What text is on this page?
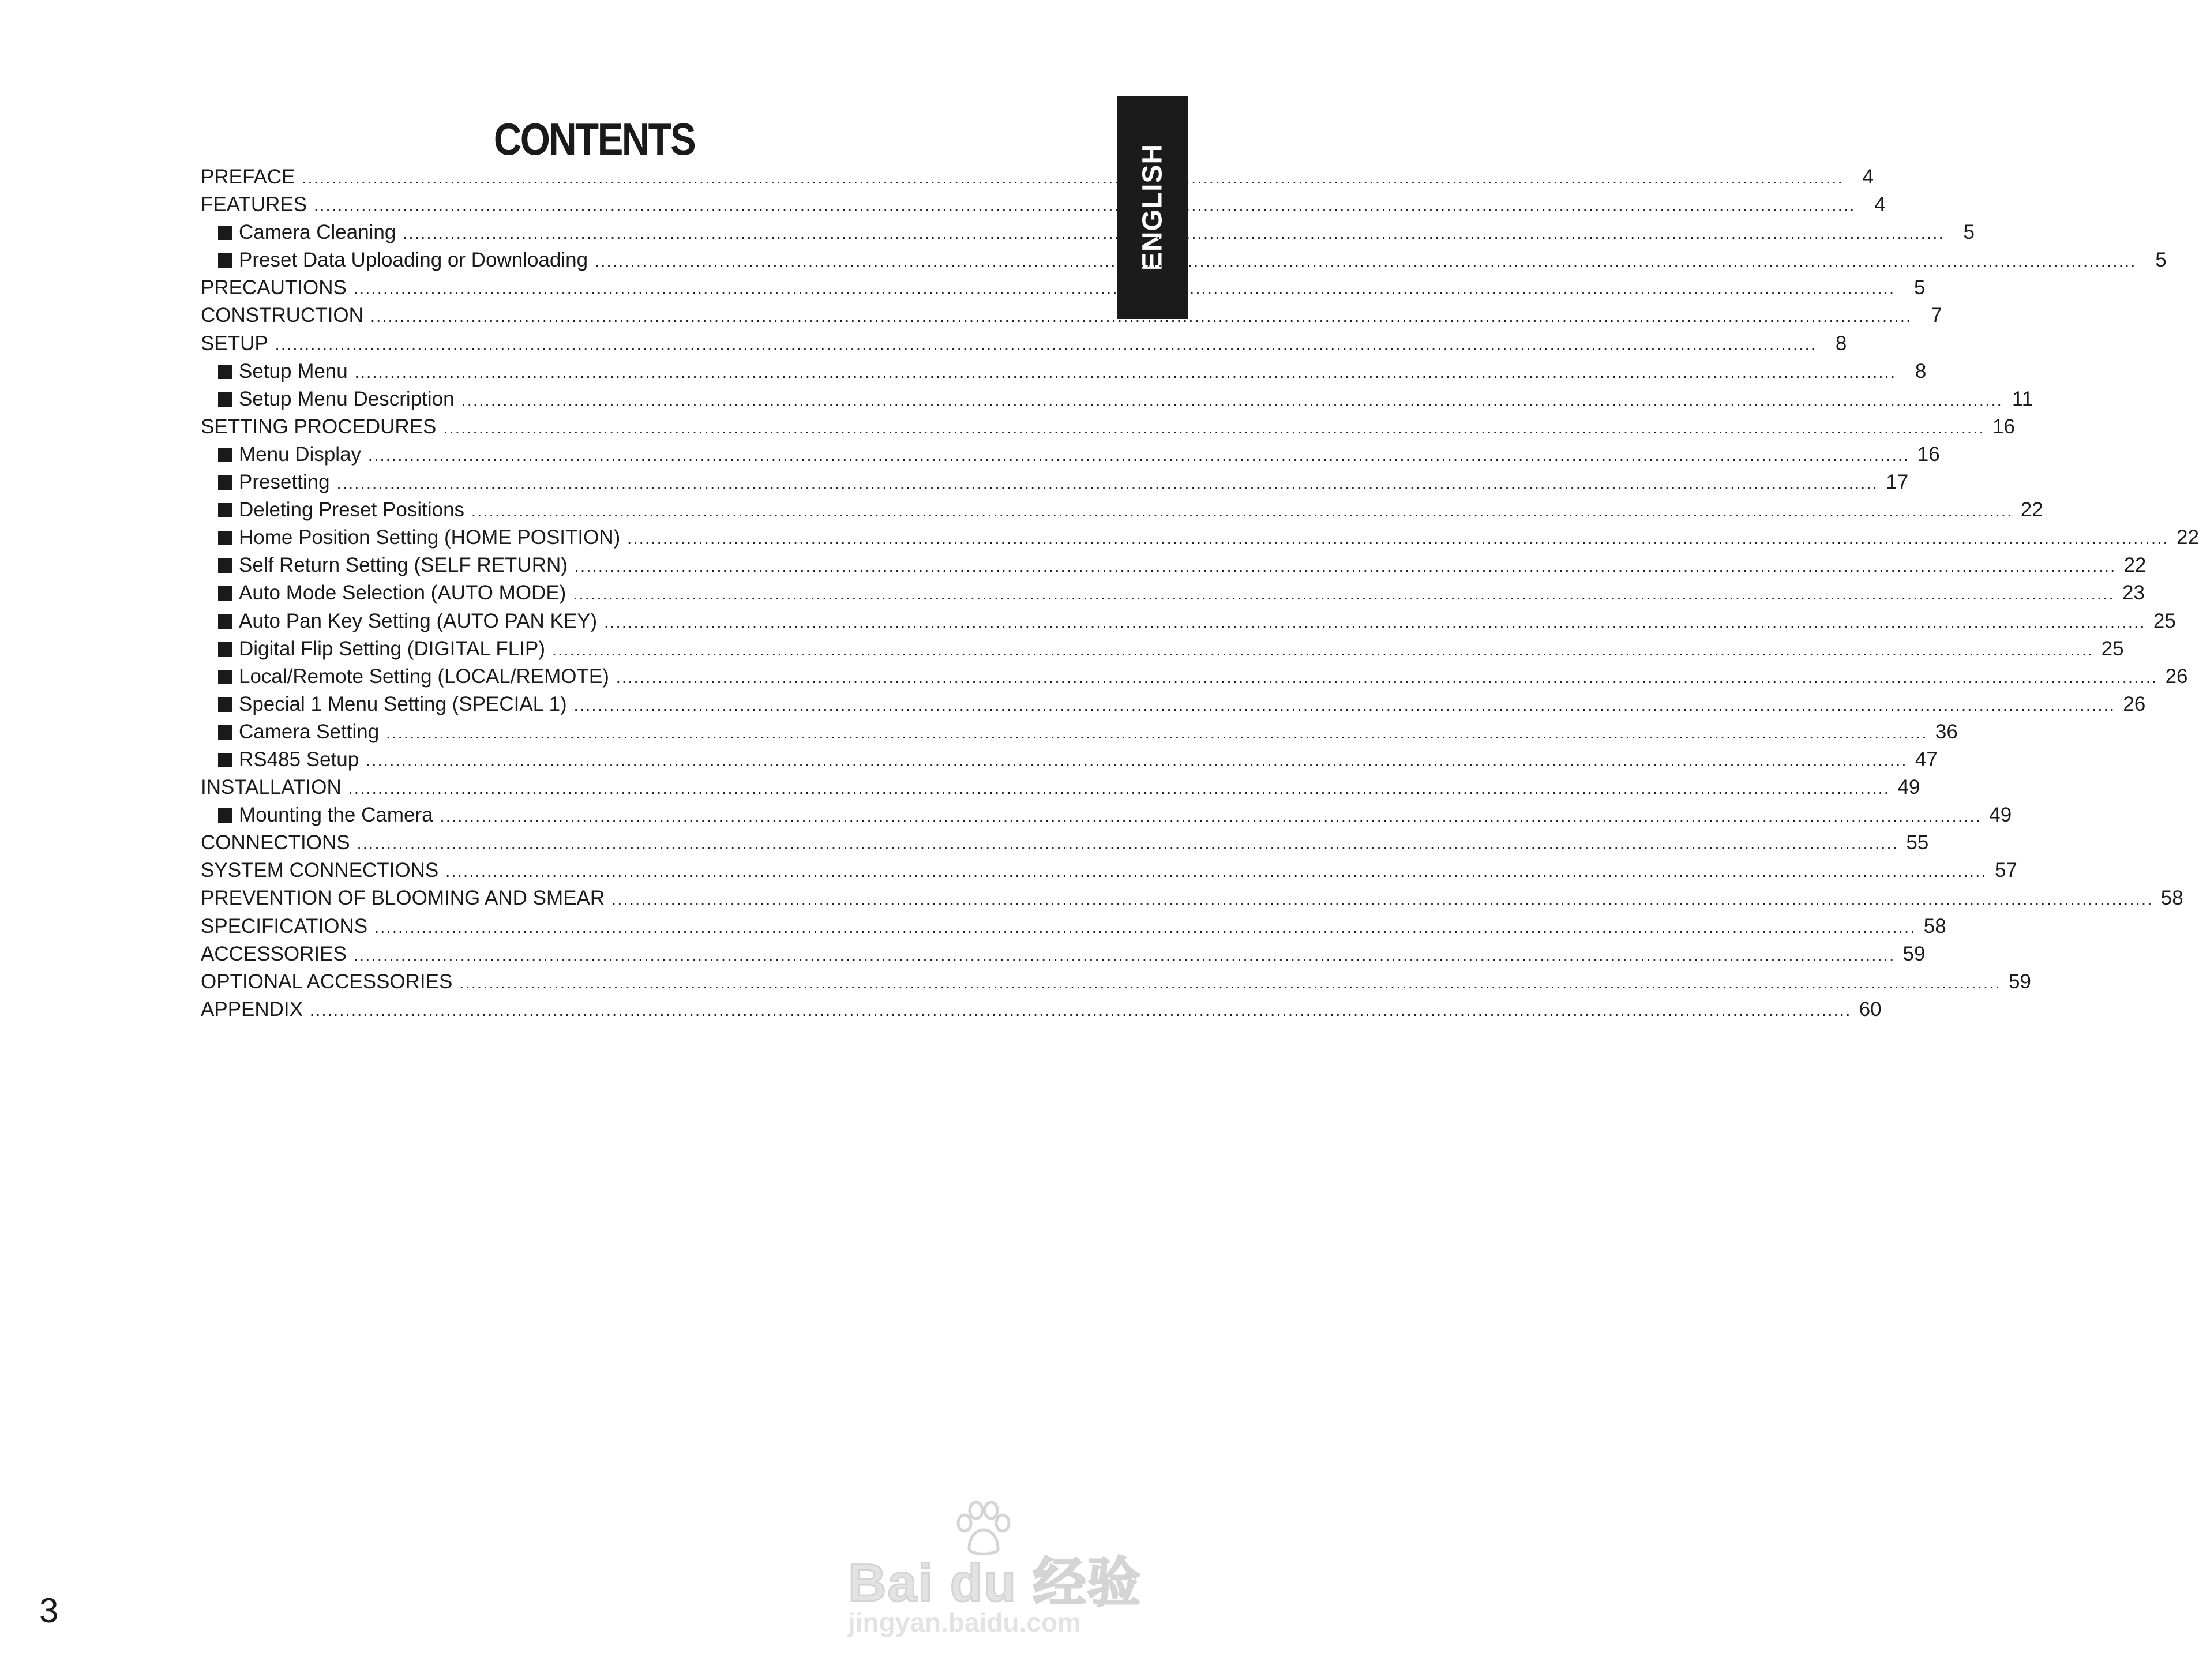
CONTENTS
ENGLISH
PREFACE .................................................................................................................................................................................................................................................................... 4
FEATURES .................................................................................................................................................................................................................................................................... 4
Camera Cleaning .................................................................................................................................................................................................................................................................... 5
Preset Data Uploading or Downloading .................................................................................................................................................................................................................................................................... 5
PRECAUTIONS .................................................................................................................................................................................................................................................................... 5
CONSTRUCTION .................................................................................................................................................................................................................................................................... 7
SETUP .................................................................................................................................................................................................................................................................... 8
Setup Menu .................................................................................................................................................................................................................................................................... 8
Setup Menu Description .................................................................................................................................................................................................................................................................... 11
SETTING PROCEDURES .................................................................................................................................................................................................................................................................... 16
Menu Display .................................................................................................................................................................................................................................................................... 16
Presetting .................................................................................................................................................................................................................................................................... 17
Deleting Preset Positions .................................................................................................................................................................................................................................................................... 22
Home Position Setting (HOME POSITION) .................................................................................................................................................................................................................................................................... 22
Self Return Setting (SELF RETURN) .................................................................................................................................................................................................................................................................... 22
Auto Mode Selection (AUTO MODE) .................................................................................................................................................................................................................................................................... 23
Auto Pan Key Setting (AUTO PAN KEY) .................................................................................................................................................................................................................................................................... 25
Digital Flip Setting (DIGITAL FLIP) .................................................................................................................................................................................................................................................................... 25
Local/Remote Setting (LOCAL/REMOTE) .................................................................................................................................................................................................................................................................... 26
Special 1 Menu Setting (SPECIAL 1) .................................................................................................................................................................................................................................................................... 26
Camera Setting .................................................................................................................................................................................................................................................................... 36
RS485 Setup .................................................................................................................................................................................................................................................................... 47
INSTALLATION .................................................................................................................................................................................................................................................................... 49
Mounting the Camera .................................................................................................................................................................................................................................................................... 49
CONNECTIONS .................................................................................................................................................................................................................................................................... 55
SYSTEM CONNECTIONS .................................................................................................................................................................................................................................................................... 57
PREVENTION OF BLOOMING AND SMEAR .................................................................................................................................................................................................................................................................... 58
SPECIFICATIONS .................................................................................................................................................................................................................................................................... 58
ACCESSORIES .................................................................................................................................................................................................................................................................... 59
OPTIONAL ACCESSORIES .................................................................................................................................................................................................................................................................... 59
APPENDIX .................................................................................................................................................................................................................................................................... 60
3	Bai du 经验
jingyan.baidu.com
